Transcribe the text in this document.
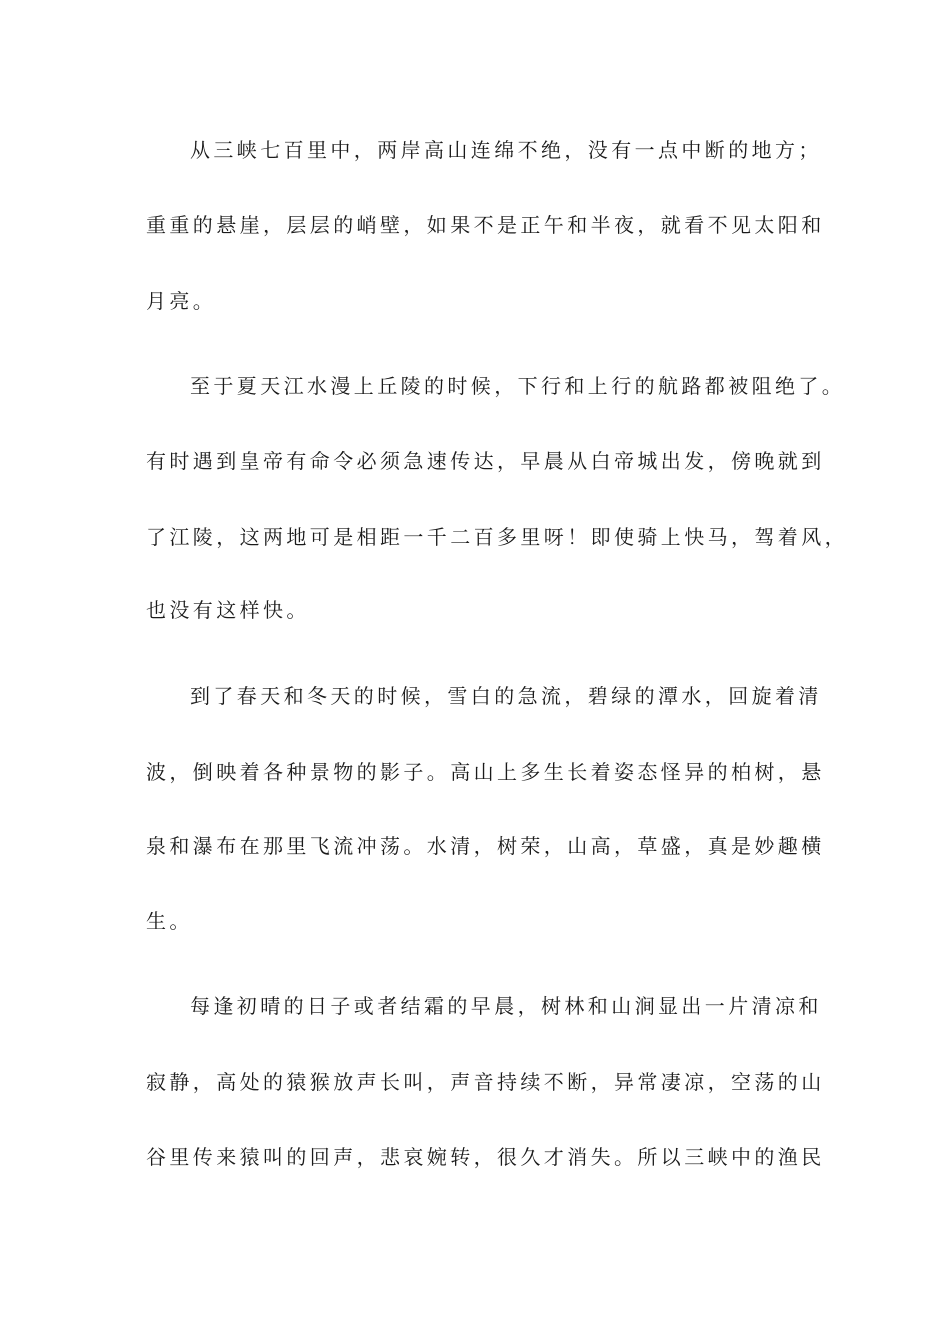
从三峡七百里中，两岸高山连绵不绝，没有一点中断的地方；

重重的悬崖，层层的峭壁，如果不是正午和半夜，就看不见太阳和

月亮。

至于夏天江水漫上丘陵的时候，下行和上行的航路都被阻绝了。

有时遇到皇帝有命令必须急速传达，早晨从白帝城出发，傍晚就到

了江陵，这两地可是相距一千二百多里呀！即使骑上快马，驾着风，

也没有这样快。

到了春天和冬天的时候，雪白的急流，碧绿的潭水，回旋着清

波，倒映着各种景物的影子。高山上多生长着姿态怪异的柏树，悬

泉和瀑布在那里飞流冲荡。水清，树荣，山高，草盛，真是妙趣横

生。

每逢初晴的日子或者结霜的早晨，树林和山涧显出一片清凉和

寂静，高处的猿猴放声长叫，声音持续不断，异常凄凉，空荡的山

谷里传来猿叫的回声，悲哀婉转，很久才消失。所以三峡中的渔民
